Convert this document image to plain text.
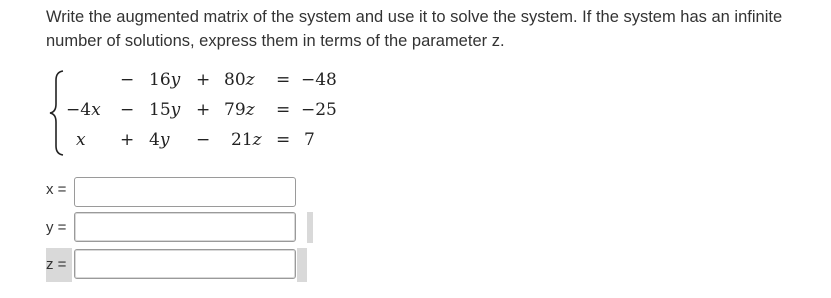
Write the augmented matrix of the system and use it to solve the system. If the system has an infinite number of solutions, express them in terms of the parameter z.
− 16y + 80z = −48
−4x − 15y + 79z = −25
x + 4y − 21z = 7
x =
y =
z =
